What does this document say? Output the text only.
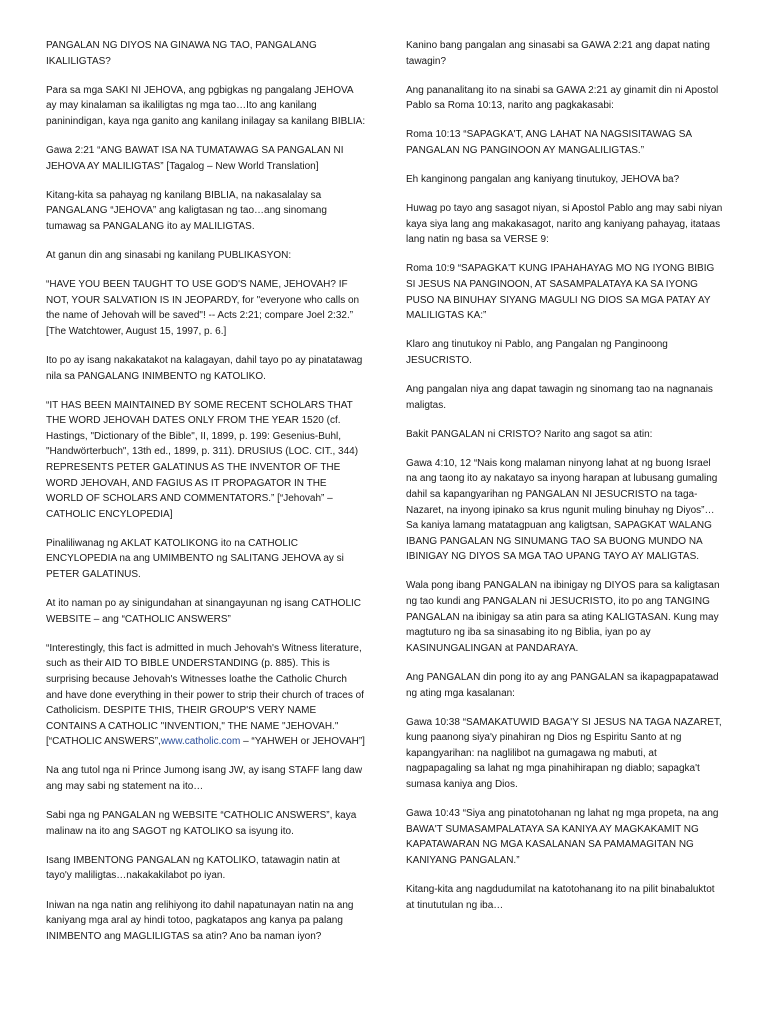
PANGALAN NG DIYOS NA GINAWA NG TAO, PANGALANG IKALILIGTAS?

Para sa mga SAKI NI JEHOVA, ang pgbigkas ng pangalang JEHOVA ay may kinalaman sa ikaliligtas ng mga tao…Ito ang kanilang paninindigan, kaya nga ganito ang kanilang inilagay sa kanilang BIBLIA:

Gawa 2:21 “ANG BAWAT ISA NA TUMATAWAG SA PANGALAN NI JEHOVA AY MALILIGTAS” [Tagalog – New World Translation]

Kitang-kita sa pahayag ng kanilang BIBLIA, na nakasalalay sa PANGALANG “JEHOVA” ang kaligtasan ng tao…ang sinomang tumawag sa PANGALANG ito ay MALILIGTAS.

At ganun din ang sinasabi ng kanilang PUBLIKASYON:

“HAVE YOU BEEN TAUGHT TO USE GOD'S NAME, JEHOVAH? IF NOT, YOUR SALVATION IS IN JEOPARDY, for "everyone who calls on the name of Jehovah will be saved"! -- Acts 2:21; compare Joel 2:32.” [The Watchtower, August 15, 1997, p. 6.]

Ito po ay isang nakakatakot na kalagayan, dahil tayo po ay pinatatawag nila sa PANGALANG INIMBENTO ng KATOLIKO.

“IT HAS BEEN MAINTAINED BY SOME RECENT SCHOLARS THAT THE WORD JEHOVAH DATES ONLY FROM THE YEAR 1520 (cf. Hastings, "Dictionary of the Bible", II, 1899, p. 199: Gesenius-Buhl, "Handwörterbuch", 13th ed., 1899, p. 311). DRUSIUS (LOC. CIT., 344) REPRESENTS PETER GALATINUS AS THE INVENTOR OF THE WORD JEHOVAH, AND FAGIUS AS IT PROPAGATOR IN THE WORLD OF SCHOLARS AND COMMENTATORS.” [“Jehovah” – CATHOLIC ENCYLOPEDIA]

Pinaliliwanag ng AKLAT KATOLIKONG ito na CATHOLIC ENCYLOPEDIA na ang UMIMBENTO ng SALITANG JEHOVA ay si PETER GALATINUS.

At ito naman po ay sinigundahan at sinangayunan ng isang CATHOLIC WEBSITE – ang “CATHOLIC ANSWERS”

“Interestingly, this fact is admitted in much Jehovah's Witness literature, such as their AID TO BIBLE UNDERSTANDING (p. 885). This is surprising because Jehovah's Witnesses loathe the Catholic Church and have done everything in their power to strip their church of traces of Catholicism. DESPITE THIS, THEIR GROUP'S VERY NAME CONTAINS A CATHOLIC "INVENTION," THE NAME "JEHOVAH." [“CATHOLIC ANSWERS”,www.catholic.com – “YAHWEH or JEHOVAH”]

Na ang tutol nga ni Prince Jumong isang JW, ay isang STAFF lang daw ang may sabi ng statement na ito…

Sabi nga ng PANGALAN ng WEBSITE “CATHOLIC ANSWERS”, kaya malinaw na ito ang SAGOT ng KATOLIKO sa isyung ito.

Isang IMBENTONG PANGALAN ng KATOLIKO, tatawagin natin at tayo'y maliligtas…nakakakilabot po iyan.

Iniwan na nga natin ang relihiyong ito dahil napatunayan natin na ang kaniyang mga aral ay hindi totoo, pagkatapos ang kanya pa palang INIMBENTO ang MAGLILIGTAS sa atin? Ano ba naman iyon?

Kanino bang pangalan ang sinasabi sa GAWA 2:21 ang dapat nating tawagin?

Ang pananalitang ito na sinabi sa GAWA 2:21 ay ginamit din ni Apostol Pablo sa Roma 10:13, narito ang pagkakasabi:

Roma 10:13 “SAPAGKA'T, ANG LAHAT NA NAGSISITAWAG SA PANGALAN NG PANGINOON AY MANGALILIGTAS.”

Eh kanginong pangalan ang kaniyang tinutukoy, JEHOVA ba?

Huwag po tayo ang sasagot niyan, si Apostol Pablo ang may sabi niyan kaya siya lang ang makakasagot, narito ang kaniyang pahayag, itataas lang natin ng basa sa VERSE 9:

Roma 10:9 “SAPAGKA'T KUNG IPAHAHAYAG MO NG IYONG BIBIG SI JESUS NA PANGINOON, AT SASAMPALATAYA KA SA IYONG PUSO NA BINUHAY SIYANG MAGULI NG DIOS SA MGA PATAY AY MALILIGTAS KA:”

Klaro ang tinutukoy ni Pablo, ang Pangalan ng Panginoong JESUCRISTO.

Ang pangalan niya ang dapat tawagin ng sinomang tao na nagnanais maligtas.

Bakit PANGALAN ni CRISTO? Narito ang sagot sa atin:

Gawa 4:10, 12 “Nais kong malaman ninyong lahat at ng buong Israel na ang taong ito ay nakatayo sa inyong harapan at lubusang gumaling dahil sa kapangyarihan ng PANGALAN NI JESUCRISTO na taga- Nazaret, na inyong ipinako sa krus ngunit muling binuhay ng Diyos”…Sa kaniya lamang matatagpuan ang kaligtsan, SAPAGKAT WALANG IBANG PANGALAN NG SINUMANG TAO SA BUONG MUNDO NA IBINIGAY NG DIYOS SA MGA TAO UPANG TAYO AY MALIGTAS.

Wala pong ibang PANGALAN na ibinigay ng DIYOS para sa kaligtasan ng tao kundi ang PANGALAN ni JESUCRISTO, ito po ang TANGING PANGALAN na ibinigay sa atin para sa ating KALIGTASAN. Kung may magtuturo ng iba sa sinasabing ito ng Biblia, iyan po ay KASINUNGALINGAN at PANDARAYA.

Ang PANGALAN din pong ito ay ang PANGALAN sa ikapagpapatawad ng ating mga kasalanan:

Gawa 10:38 “SAMAKATUWID BAGA'Y SI JESUS NA TAGA NAZARET, kung paanong siya'y pinahiran ng Dios ng Espiritu Santo at ng kapangyarihan: na naglilibot na gumagawa ng mabuti, at nagpapagaling sa lahat ng mga pinahihirapan ng diablo; sapagka't sumasa kaniya ang Dios.

Gawa 10:43 “Siya ang pinatotohanan ng lahat ng mga propeta, na ang BAWA'T SUMASAMPALATAYA SA KANIYA AY MAGKAKAMIT NG KAPATAWARAN NG MGA KASALANAN SA PAMAMAGITAN NG KANIYANG PANGALAN.”

Kitang-kita ang nagdudumilat na katotohanang ito na pilit binabaluktot at tinututulan ng iba…
